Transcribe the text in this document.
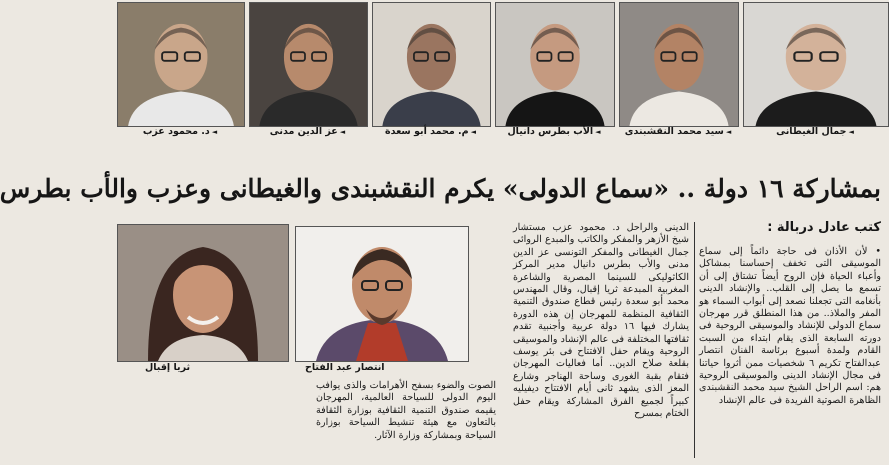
◄د. محمود عزب	◄عز الدين مدنى	◄م. محمد أبو سعدة	◄الأب بطرس دانيال	◄سيد محمد النقشبندى	◄جمال الغيطانى
بمشاركة ١٦ دولة .. «سماع الدولى» يكرم النقشبندى والغيطانى وعزب والأب بطرس
كتب عادل دربالة :

• لأن الأذان فى حاجة دائماً إلى سماع الموسيقى التى تخفف إحساسنا بمشاكل وأعباء الحياة فإن الروح أيضاً تشتاق إلى أن تسمع ما يصل إلى القلب.. والإنشاد الدينى بأنغامه التى تجعلنا نصعد إلى أبواب السماء هو المفر والملاذ.. من هذا المنطلق قرر مهرجان سماع الدولى للإنشاد والموسيقى الروحية فى دورته السابعة الذى يقام ابتداء من السبت القادم ولمدة أسبوع برئاسة الفنان انتصار عبدالفتاح تكريم ٦ شخصيات ممن أثروا حياتنا فى مجال الإنشاد الدينى والموسيقى الروحية هم: اسم الراحل الشيخ سيد محمد النقشبندى الظاهرة الصوتية الفريدة فى عالم الإنشاد

الدينى والراحل د. محمود عزب مستشار شيخ الأزهر والمفكر والكاتب والمبدع الروائى جمال الغيطانى والمفكر التونسى عز الدين مدنى والأب بطرس دانيال مدير المركز الكاثوليكى للسينما المصرية والشاعرة المغربية المبدعة ثريا إقبال، وقال المهندس محمد أبو سعدة رئيس قطاع صندوق التنمية الثقافية المنظمة للمهرجان إن هذه الدورة يشارك فيها ١٦ دولة عربية وأجنبية تقدم ثقافتها المختلفة فى عالم الإنشاد والموسيقى الروحية ويقام حفل الافتتاح فى بئر يوسف بقلعة صلاح الدين.. أما فعاليات المهرجان فتقام بقبة الغورى وساحة الهناجر وشارع المعز الذى يشهد ثانى أيام الافتتاح ديفيليه كبيراً لجميع الفرق المشاركة ويقام حفل الختام بمسرح

الصوت والضوء بسفح الأهرامات والذى يوافب اليوم الدولى للسياحة العالمية، المهرجان يقيمه صندوق التنمية الثقافية بوزارة الثقافة بالتعاون مع هيئة تنشيط السياحة بوزارة السياحة وبمشاركة وزارة الآثار.

انتصار عبد الفتاح
ثريا إقبال
